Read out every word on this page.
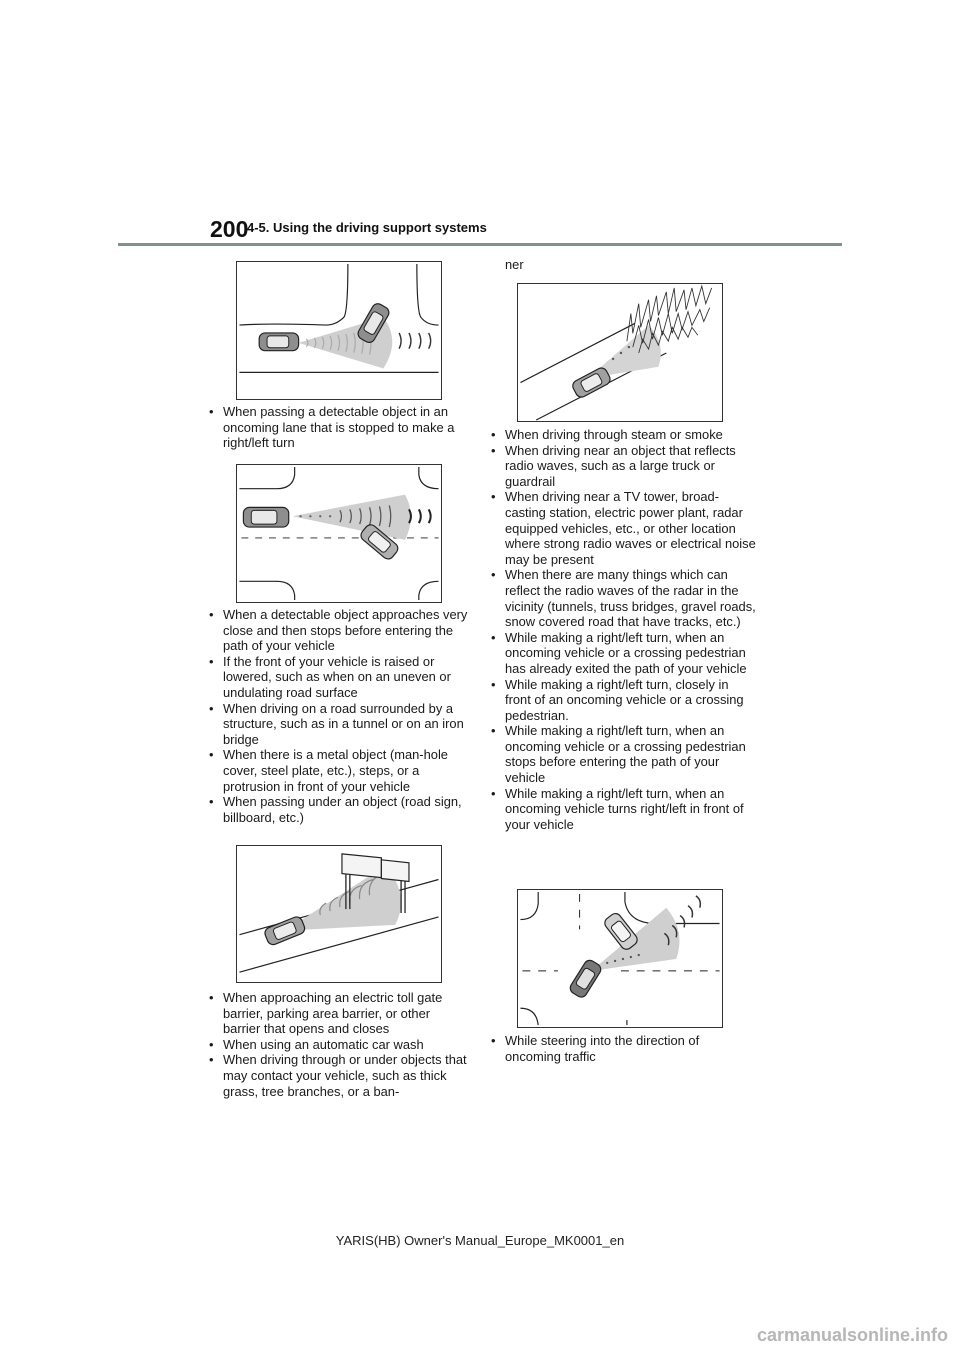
200
4-5. Using the driving support systems
• When passing a detectable object in an oncoming lane that is stopped to make a right/left turn
• When a detectable object approaches very close and then stops before entering the path of your vehicle
• If the front of your vehicle is raised or lowered, such as when on an uneven or undulating road surface
• When driving on a road surrounded by a structure, such as in a tunnel or on an iron bridge
• When there is a metal object (man-hole cover, steel plate, etc.), steps, or a protrusion in front of your vehicle
• When passing under an object (road sign, billboard, etc.)
• When approaching an electric toll gate barrier, parking area barrier, or other barrier that opens and closes
• When using an automatic car wash
• When driving through or under objects that may contact your vehicle, such as thick grass, tree branches, or a ban-
ner
• When driving through steam or smoke
• When driving near an object that reflects radio waves, such as a large truck or guardrail
• When driving near a TV tower, broad-casting station, electric power plant, radar equipped vehicles, etc., or other location where strong radio waves or electrical noise may be present
• When there are many things which can reflect the radio waves of the radar in the vicinity (tunnels, truss bridges, gravel roads, snow covered road that have tracks, etc.)
• While making a right/left turn, when an oncoming vehicle or a crossing pedestrian has already exited the path of your vehicle
• While making a right/left turn, closely in front of an oncoming vehicle or a crossing pedestrian.
• While making a right/left turn, when an oncoming vehicle or a crossing pedestrian stops before entering the path of your vehicle
• While making a right/left turn, when an oncoming vehicle turns right/left in front of your vehicle
• While steering into the direction of oncoming traffic
YARIS(HB) Owner's Manual_Europe_MK0001_en
carmanualsonline.info
